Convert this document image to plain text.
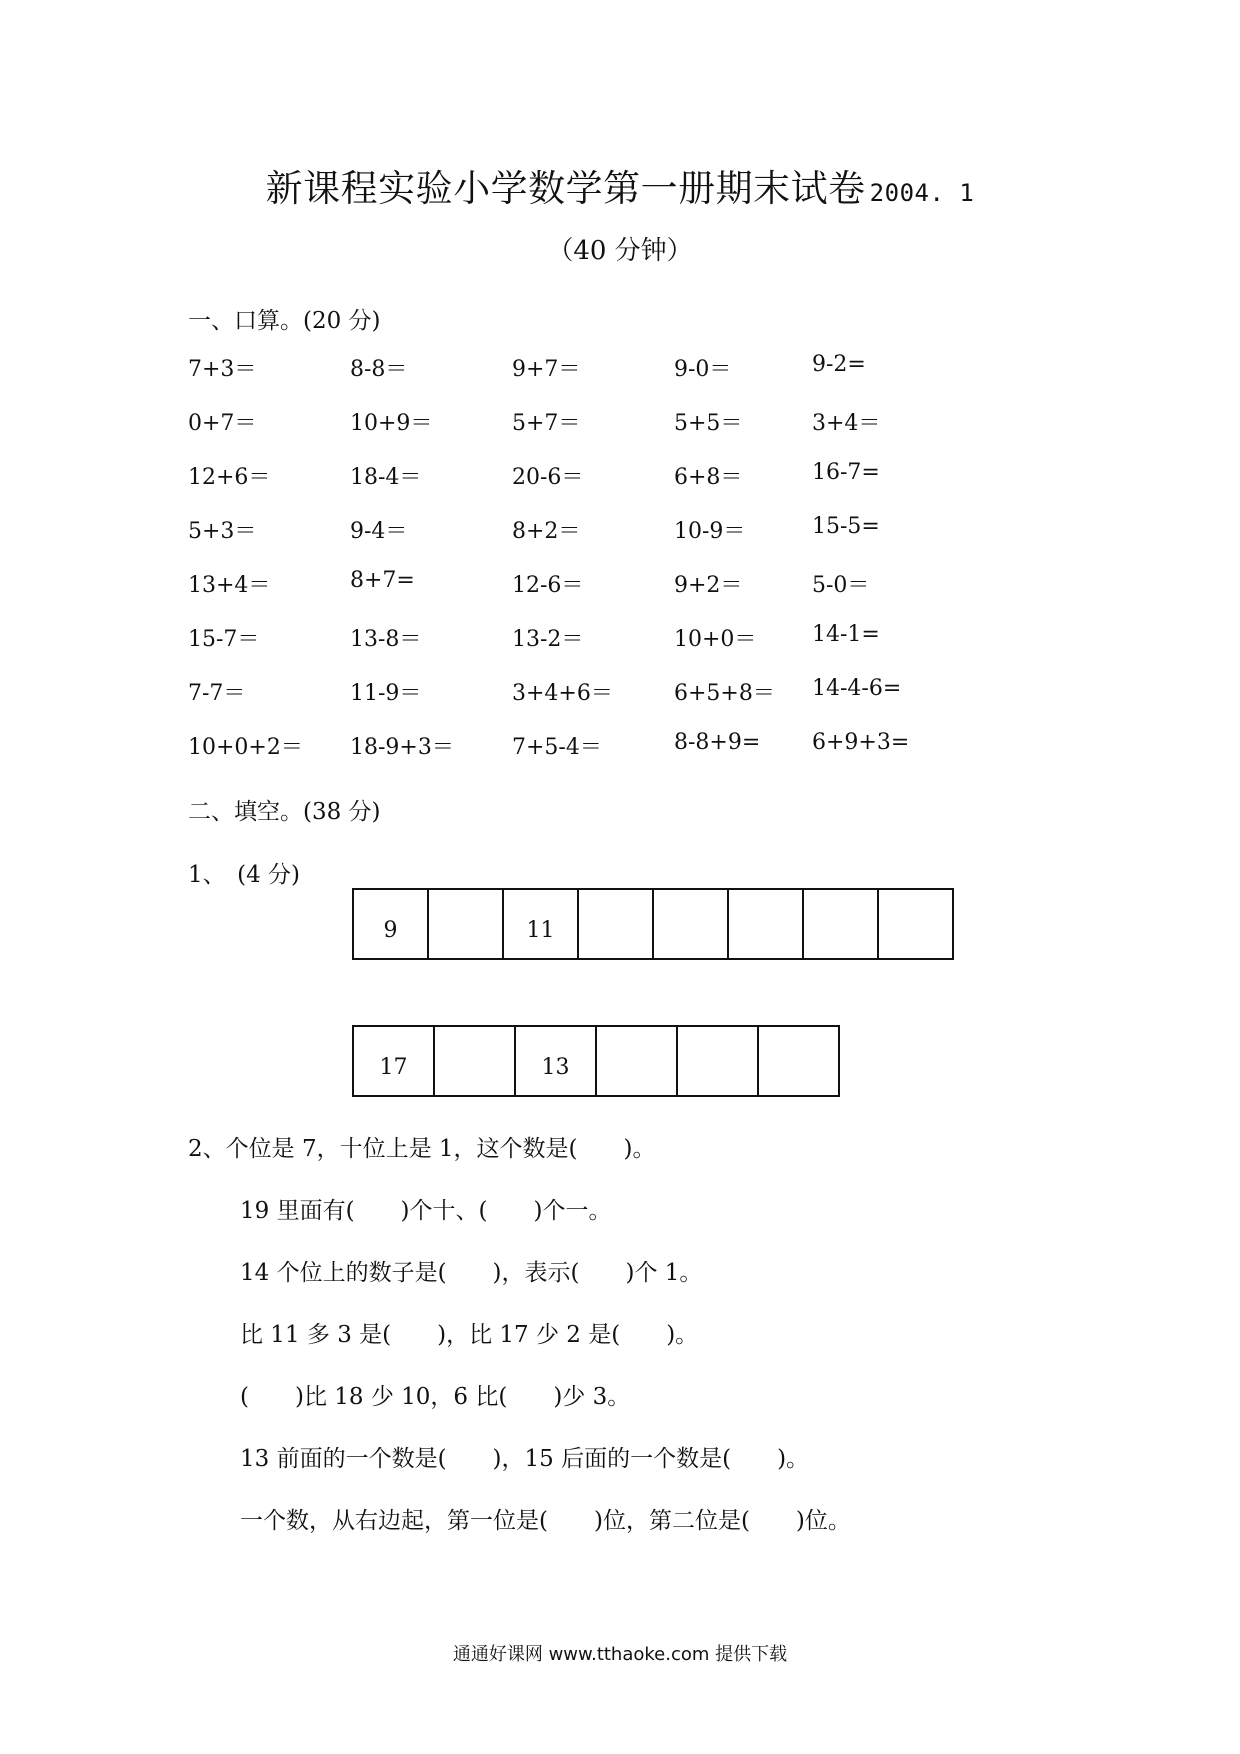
新课程实验小学数学第一册期末试卷 2004. 1
（40 分钟）
一、口算。(20 分)
7+3＝	8-8＝	9+7＝	9-0＝	9-2=
0+7＝	10+9＝	5+7＝	5+5＝	3+4＝
12+6＝	18-4＝	20-6＝	6+8＝	16-7=
5+3＝	9-4＝	8+2＝	10-9＝	15-5=
13+4＝	8+7=	12-6＝	9+2＝	5-0＝
15-7＝	13-8＝	13-2＝	10+0＝	14-1=
7-7＝	11-9＝	3+4+6＝	6+5+8＝ 14-4-6=
10+0+2＝ 18-9+3＝	7+5-4＝	8-8+9= 6+9+3=
二、填空。(38 分)
1、　(4 分)
9	11
17	13
2、个位是 7，十位上是 1，这个数是(　　)。
19 里面有(　　)个十、(　　)个一。
14 个位上的数子是(　　)，表示(　　)个 1。
比 11 多 3 是(　　)，比 17 少 2 是(　　)。
(　　)比 18 少 10，6 比(　　)少 3。
13 前面的一个数是(　　)，15 后面的一个数是(　　)。
一个数，从右边起，第一位是(　　)位，第二位是(　　)位。
通通好课网 www.tthaoke.com 提供下载
